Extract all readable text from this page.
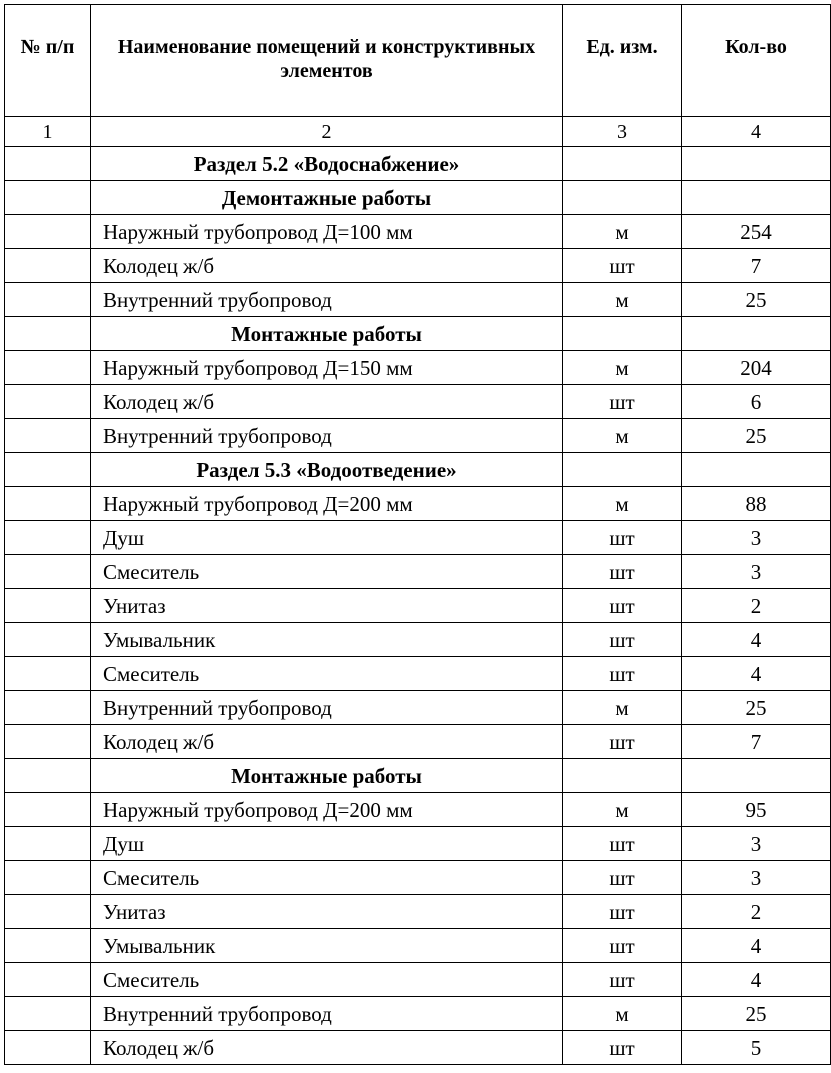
№ п/п	Наименование помещений и конструктивных элементов	Ед. изм.	Кол-во
1	2	3	4
	Раздел 5.2 «Водоснабжение»		
	Демонтажные работы		
	Наружный трубопровод Д=100 мм	м	254
	Колодец ж/б	шт	7
	Внутренний трубопровод	м	25
	Монтажные работы		
	Наружный трубопровод Д=150 мм	м	204
	Колодец ж/б	шт	6
	Внутренний трубопровод	м	25
	Раздел 5.3 «Водоотведение»		
	Наружный трубопровод Д=200 мм	м	88
	Душ	шт	3
	Смеситель	шт	3
	Унитаз	шт	2
	Умывальник	шт	4
	Смеситель	шт	4
	Внутренний трубопровод	м	25
	Колодец ж/б	шт	7
	Монтажные работы		
	Наружный трубопровод Д=200 мм	м	95
	Душ	шт	3
	Смеситель	шт	3
	Унитаз	шт	2
	Умывальник	шт	4
	Смеситель	шт	4
	Внутренний трубопровод	м	25
	Колодец ж/б	шт	5
